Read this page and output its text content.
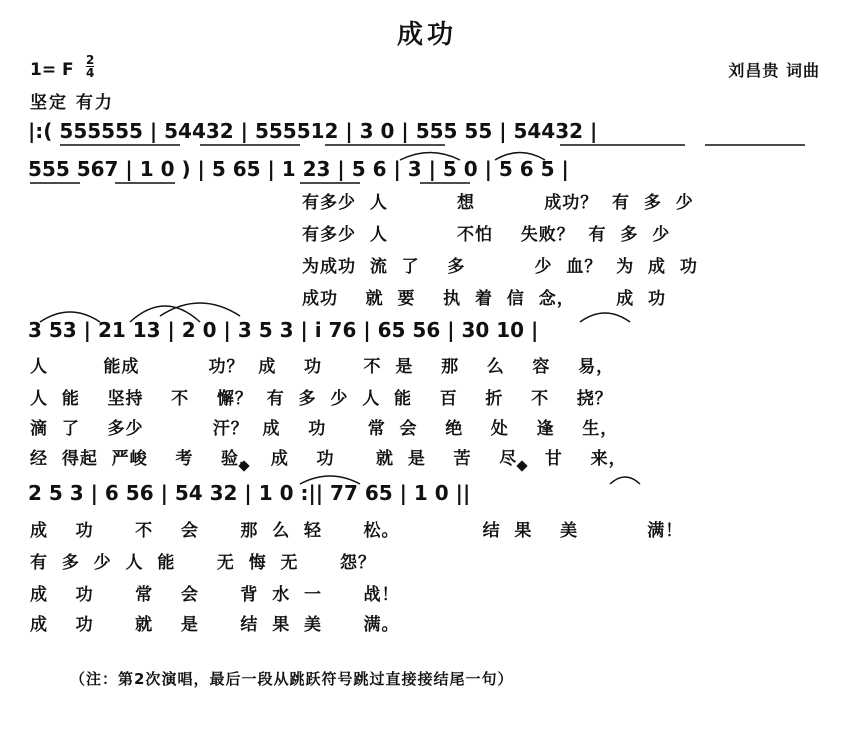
成功
1= F 2
4
坚定 有力
刘昌贵 词曲
|:( 555555 | 54432 | 555512 | 3 0 | 555 55 | 54432 |
555 567 | 1 0 ) | 5 65 | 1 23 | 5 6 | 3 | 5 0 | 5 6 5 |
3 53 | 21 13 | 2 0 | 3 5 3 | i 76 | 65 56 | 30 10 |
2 5 3 | 6 56 | 54 32 | 1 0 :|| 77 65 | 1 0 ||
有多少  人          想          成功？  有  多  少
有多少  人          不怕    失败？  有  多  少
为成功  流  了    多          少  血？  为  成  功
成功    就  要    执  着  信  念，      成  功
人        能成          功？  成    功      不  是    那    么    容    易，
人  能    坚持    不    懈？  有  多  少  人  能    百    折    不    挠？
滴  了    多少          汗？  成    功      常  会    绝    处    逢    生，
经  得起  严峻    考    验，  成    功      就  是    苦    尽    甘    来，
成    功      不    会      那  么  轻      松。            结  果    美          满！
有  多  少  人  能      无  悔  无      怨？
成    功      常    会      背  水  一      战！
成    功      就    是      结  果  美      满。
（注：第2次演唱，最后一段从跳跃符号跳过直接接结尾一句）
